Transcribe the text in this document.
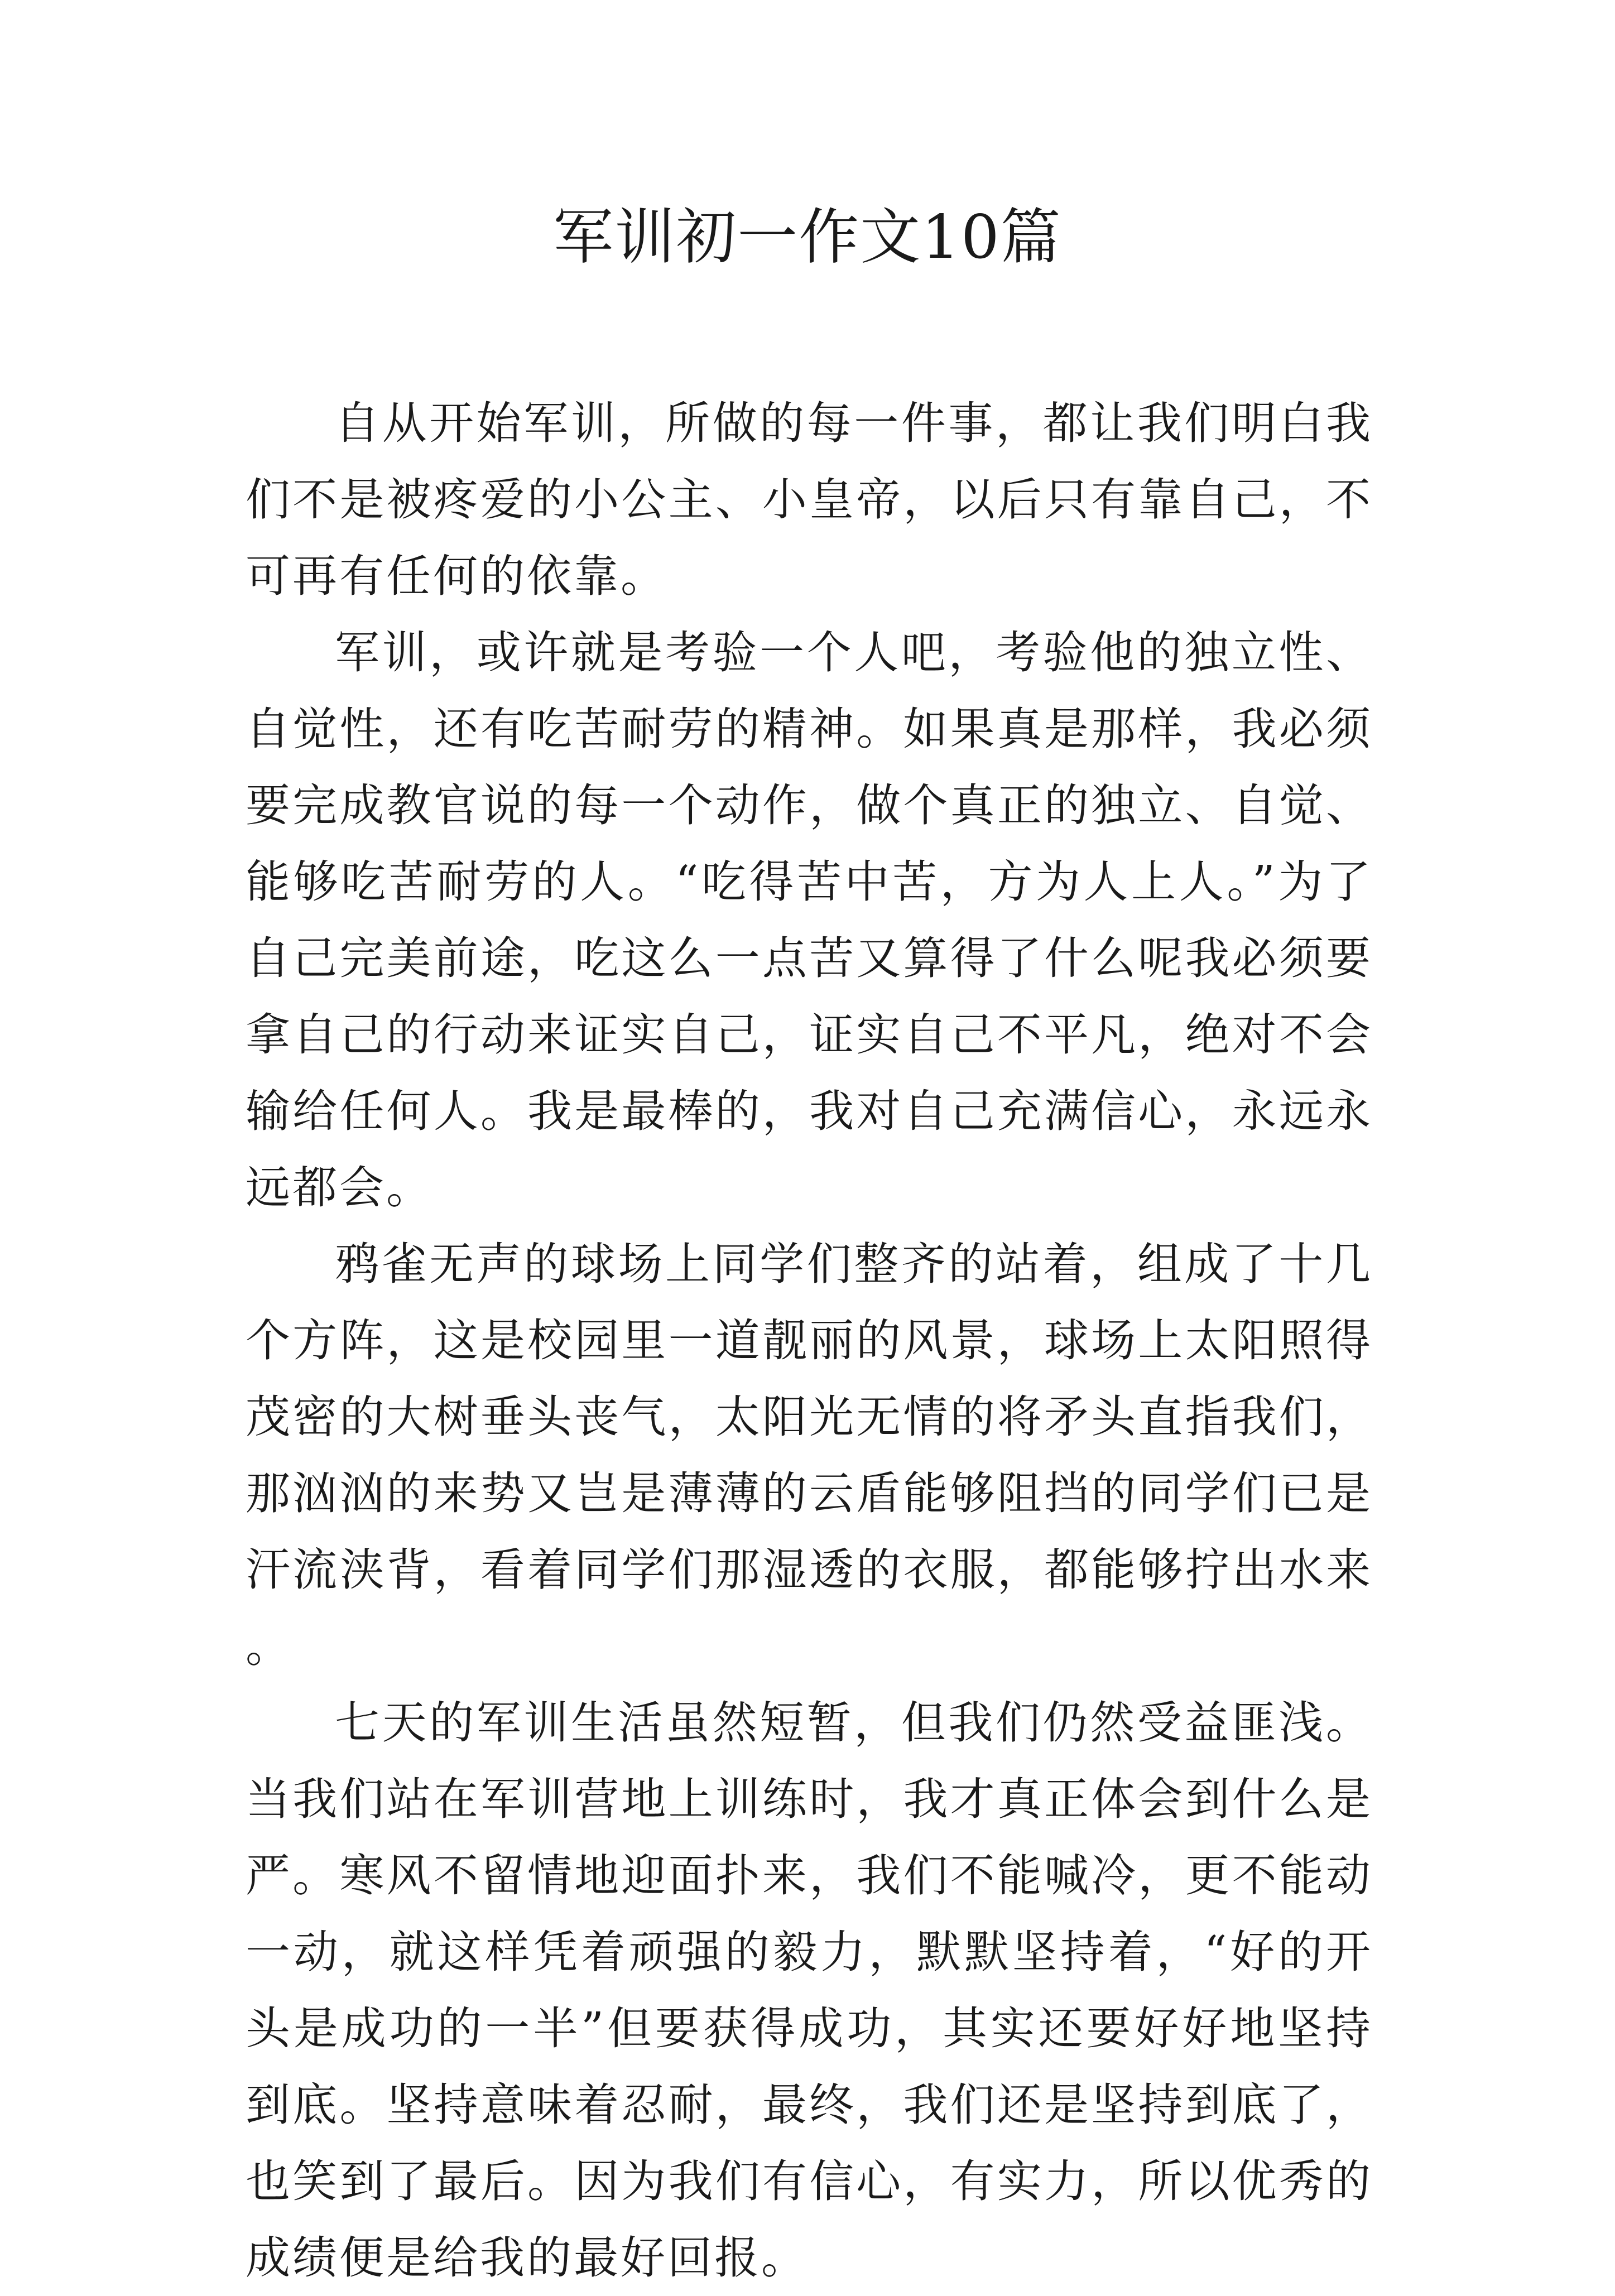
军训初一作文10篇

自从开始军训，所做的每一件事，都让我们明白我们不是被疼爱的小公主、小皇帝，以后只有靠自己，不可再有任何的依靠。

军训，或许就是考验一个人吧，考验他的独立性、自觉性，还有吃苦耐劳的精神。如果真是那样，我必须要完成教官说的每一个动作，做个真正的独立、自觉、能够吃苦耐劳的人。“吃得苦中苦，方为人上人。”为了自己完美前途，吃这么一点苦又算得了什么呢我必须要拿自己的行动来证实自己，证实自己不平凡，绝对不会输给任何人。我是最棒的，我对自己充满信心，永远永远都会。

鸦雀无声的球场上同学们整齐的站着，组成了十几个方阵，这是校园里一道靓丽的风景，球场上太阳照得茂密的大树垂头丧气，太阳光无情的将矛头直指我们，那汹汹的来势又岂是薄薄的云盾能够阻挡的同学们已是汗流浃背，看着同学们那湿透的衣服，都能够拧出水来。

七天的军训生活虽然短暂，但我们仍然受益匪浅。当我们站在军训营地上训练时，我才真正体会到什么是严。寒风不留情地迎面扑来，我们不能喊冷，更不能动一动，就这样凭着顽强的毅力，默默坚持着，“好的开头是成功的一半”但要获得成功，其实还要好好地坚持到底。坚持意味着忍耐，最终，我们还是坚持到底了，也笑到了最后。因为我们有信心，有实力，所以优秀的成绩便是给我的最好回报。
